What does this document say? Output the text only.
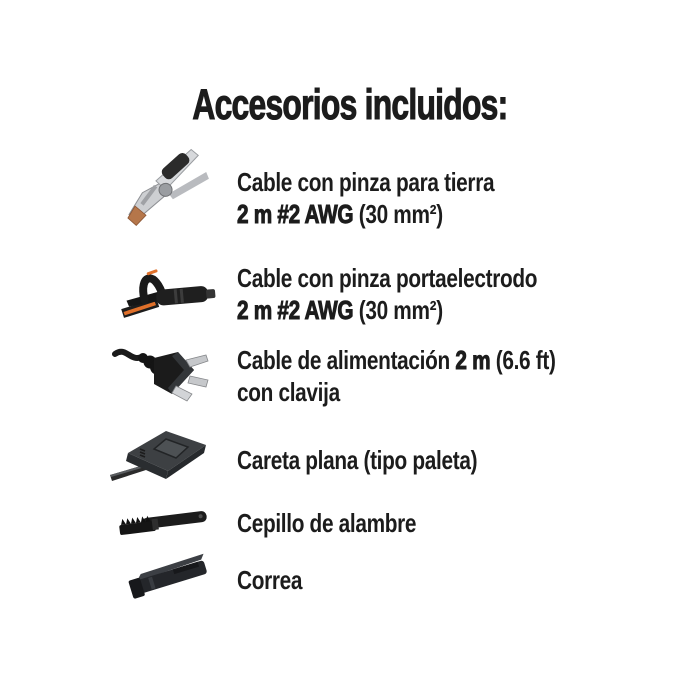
Accesorios incluidos:
Cable con pinza para tierra
2 m #2 AWG (30 mm²)
Cable con pinza portaelectrodo
2 m #2 AWG (30 mm²)
Cable de alimentación 2 m (6.6 ft)
con clavija
Careta plana (tipo paleta)
Cepillo de alambre
Correa
